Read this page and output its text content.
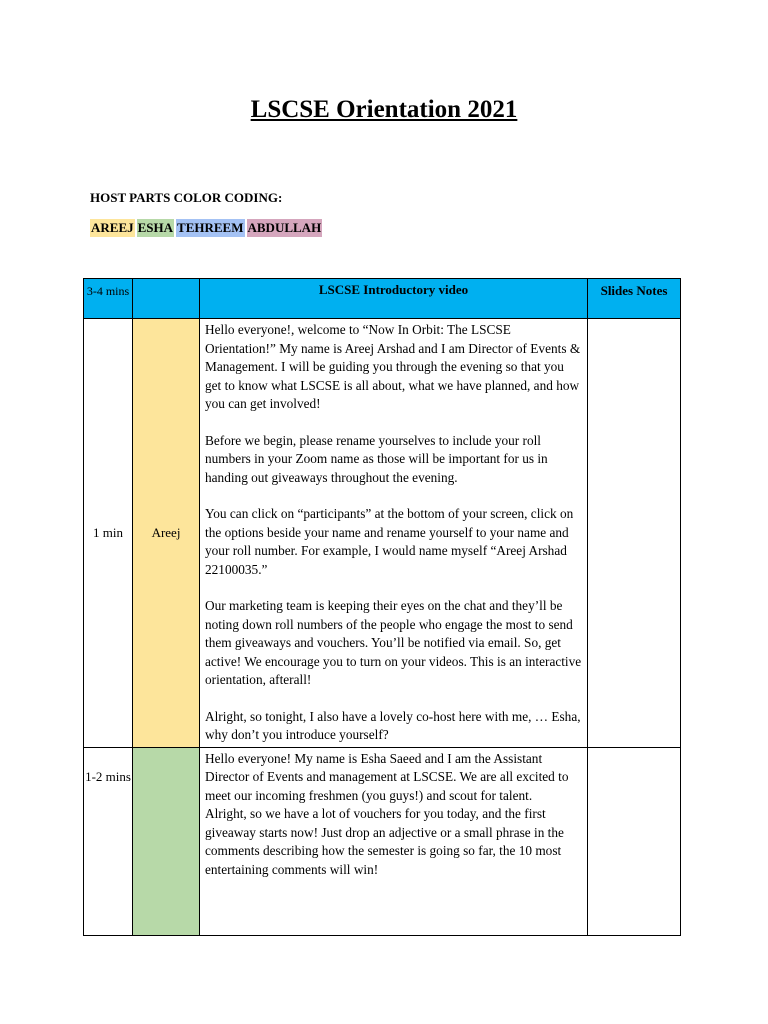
LSCSE Orientation 2021
HOST PARTS COLOR CODING:
AREEJ ESHA TEHREEM ABDULLAH
3-4 mins		LSCSE Introductory video	Slides Notes
1 min	Areej	Hello everyone!, welcome to “Now In Orbit: The LSCSE Orientation!” My name is Areej Arshad and I am Director of Events & Management. I will be guiding you through the evening so that you get to know what LSCSE is all about, what we have planned, and how you can get involved!

Before we begin, please rename yourselves to include your roll numbers in your Zoom name as those will be important for us in handing out giveaways throughout the evening.

You can click on “participants” at the bottom of your screen, click on the options beside your name and rename yourself to your name and your roll number. For example, I would name myself “Areej Arshad 22100035.”

Our marketing team is keeping their eyes on the chat and they’ll be noting down roll numbers of the people who engage the most to send them giveaways and vouchers. You’ll be notified via email. So, get active! We encourage you to turn on your videos. This is an interactive orientation, afterall!

Alright, so tonight, I also have a lovely co-host here with me, … Esha, why don’t you introduce yourself?	

1-2 mins		Hello everyone! My name is Esha Saeed and I am the Assistant Director of Events and management at LSCSE. We are all excited to meet our incoming freshmen (you guys!) and scout for talent.
Alright, so we have a lot of vouchers for you today, and the first giveaway starts now! Just drop an adjective or a small phrase in the comments describing how the semester is going so far, the 10 most entertaining comments will win!	
